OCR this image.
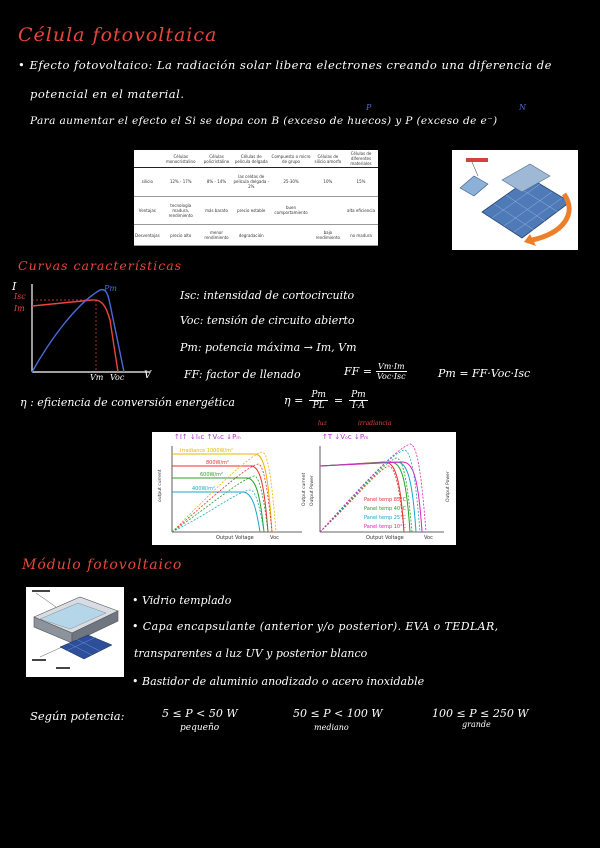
Célula fotovoltaica
• Efecto fotovoltaico: La radiación solar libera electrones creando una diferencia de
potencial en el material.
P	N
Para aumentar el efecto el Si se dopa con B (exceso de huecos) y P (exceso de e⁻)
	Células monocristalino	Células policristalino	Células de película delgada	Compuesto o micro de grupo	Células de silicio amorfo	Células de diferentes materiales
silicio	12% - 17%	8% - 14%	las celdas de película delgada - 2%	25-30%	10%	15%
Ventajas	tecnología madura, rendimiento	más barato	precio estable	buen comportamiento		alta eficiencia
Desventajas	precio alto	menor rendimiento	degradación		bajo rendimiento	no madura
Curvas características
I
Isc
Im
Pm
Vm Voc V
Isc: intensidad de cortocircuito
Voc: tensión de circuito abierto
Pm: potencia máxima → Im, Vm
FF: factor de llenado	FF = $\frac{Vm\cdot Im}{\text{Voc·Isc}}$	Pm = FF·Voc·Isc
η : eficiencia de conversión energética	$\eta = \frac{Pm}{PL} = \frac{Pm}{I\cdot A}$
luz	irradiancia
↑I↑ ↓Iₛc ↑Vₒc ↓Pₘ	↑T ↓Vₒc ↓Pₘ
Irradiance 1000W/m²
800W/m²
600W/m²
400W/m²
output current
Output Voltage	Voc
Output current Output Power	Output Power
Output Voltage	Voc
Panel temp 85°C
Panel temp 40°C
Panel temp 25°C
Panel temp 10°C
Módulo fotovoltaico
• Vidrio templado
• Capa encapsulante (anterior y/o posterior). EVA o TEDLAR,
transparentes a luz UV y posterior blanco
• Bastidor de aluminio anodizado o acero inoxidable
Según potencia:	5 ≤ P < 50 W
pequeño
50 ≤ P < 100 W
mediano
100 ≤ P ≤ 250 W
grande
